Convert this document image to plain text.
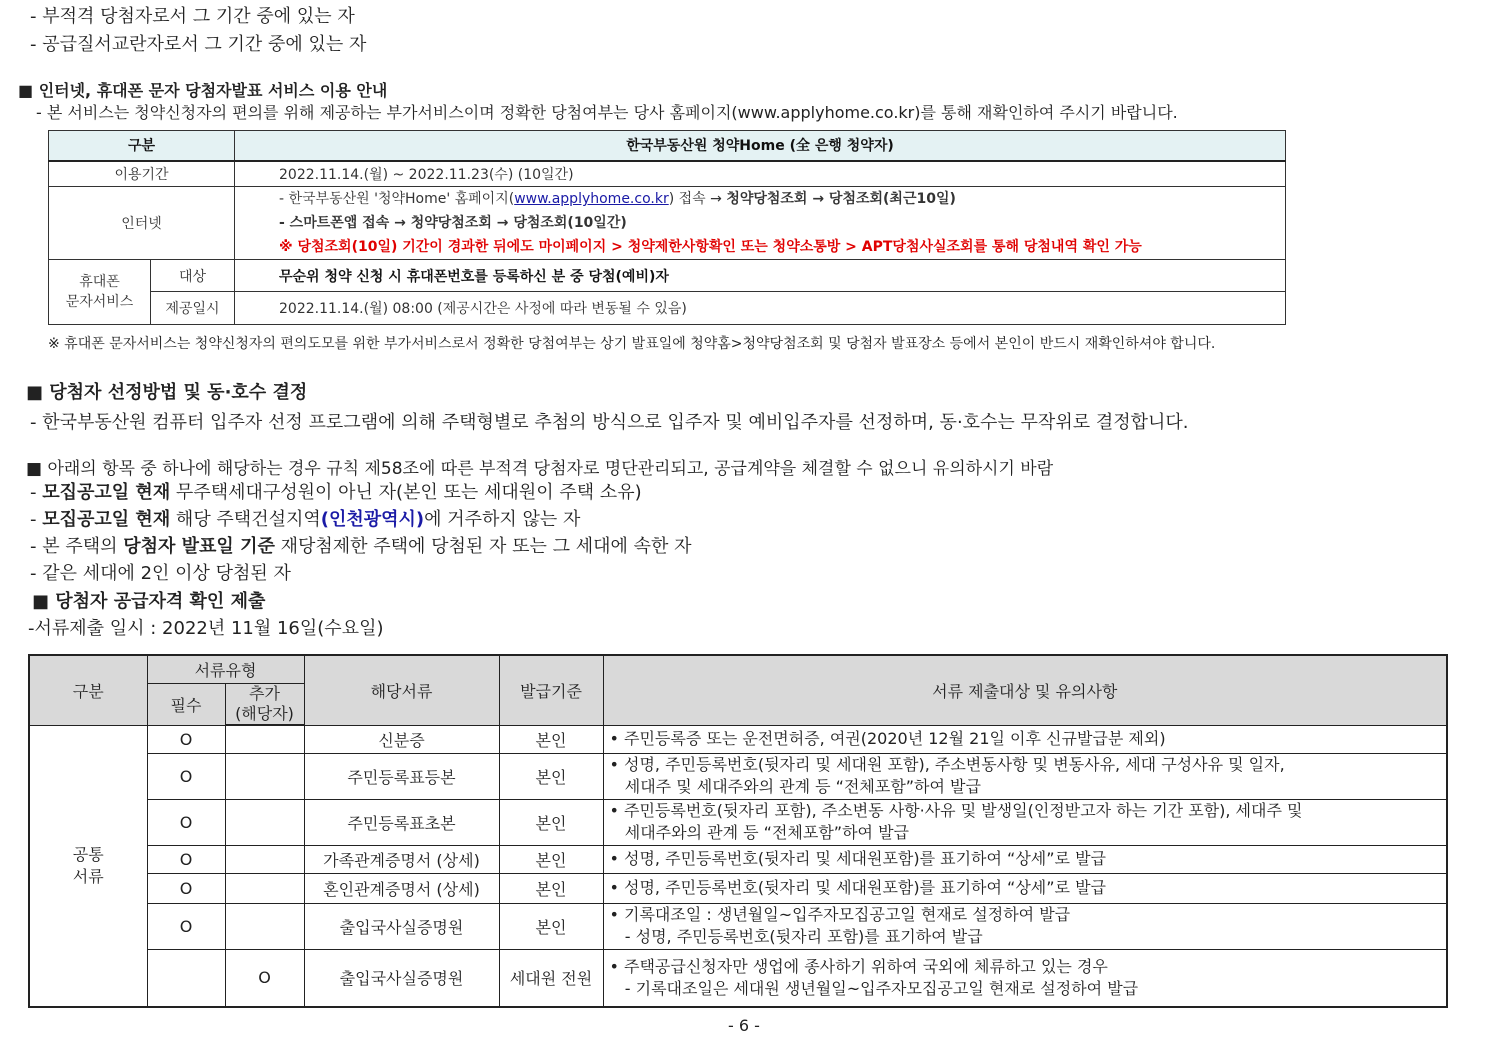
- 부적격 당첨자로서 그 기간 중에 있는 자
- 공급질서교란자로서 그 기간 중에 있는 자
■ 인터넷, 휴대폰 문자 당첨자발표 서비스 이용 안내
- 본 서비스는 청약신청자의 편의를 위해 제공하는 부가서비스이며 정확한 당첨여부는 당사 홈페이지(www.applyhome.co.kr)를 통해 재확인하여 주시기 바랍니다.
구분		한국부동산원 청약Home (全 은행 청약자)
이용기간		2022.11.14.(월) ~ 2022.11.23(수) (10일간)
인터넷		- 한국부동산원 '청약Home' 홈페이지(www.applyhome.co.kr) 접속 → 청약당첨조회 → 당첨조회(최근10일)
- 스마트폰앱 접속 → 청약당첨조회 → 당첨조회(10일간)
※ 당첨조회(10일) 기간이 경과한 뒤에도 마이페이지 > 청약제한사항확인 또는 청약소통방 > APT당첨사실조회를 통해 당첨내역 확인 가능

휴대폰
문자서비스	대상	무순위 청약 신청 시 휴대폰번호를 등록하신 분 중 당첨(예비)자
	제공일시	2022.11.14.(월) 08:00 (제공시간은 사정에 따라 변동될 수 있음)
※ 휴대폰 문자서비스는 청약신청자의 편의도모를 위한 부가서비스로서 정확한 당첨여부는 상기 발표일에 청약홈>청약당첨조회 및 당첨자 발표장소 등에서 본인이 반드시 재확인하셔야 합니다.
■ 당첨자 선정방법 및 동·호수 결정
- 한국부동산원 컴퓨터 입주자 선정 프로그램에 의해 주택형별로 추첨의 방식으로 입주자 및 예비입주자를 선정하며, 동·호수는 무작위로 결정합니다.
■ 아래의 항목 중 하나에 해당하는 경우 규칙 제58조에 따른 부적격 당첨자로 명단관리되고, 공급계약을 체결할 수 없으니 유의하시기 바람
- 모집공고일 현재 무주택세대구성원이 아닌 자(본인 또는 세대원이 주택 소유)
- 모집공고일 현재 해당 주택건설지역(인천광역시)에 거주하지 않는 자
- 본 주택의 당첨자 발표일 기준 재당첨제한 주택에 당첨된 자 또는 그 세대에 속한 자
- 같은 세대에 2인 이상 당첨된 자
■ 당첨자 공급자격 확인 제출
-서류제출 일시 : 2022년 11월 16일(수요일)
구분	서류유형		해당서류	발급기준	서류 제출대상 및 유의사항
	필수	추가
(해당자)			
공통
서류	O		신분증	본인	• 주민등록증 또는 운전면허증, 여권(2020년 12월 21일 이후 신규발급분 제외)
	O		주민등록표등본	본인	• 성명, 주민등록번호(뒷자리 및 세대원 포함), 주소변동사항 및 변동사유, 세대 구성사유 및 일자,
세대주 및 세대주와의 관계 등 “전체포함”하여 발급
	O		주민등록표초본	본인	• 주민등록번호(뒷자리 포함), 주소변동 사항·사유 및 발생일(인정받고자 하는 기간 포함), 세대주 및
세대주와의 관계 등 “전체포함”하여 발급
	O		가족관계증명서 (상세)	본인	• 성명, 주민등록번호(뒷자리 및 세대원포함)를 표기하여 “상세”로 발급
	O		혼인관계증명서 (상세)	본인	• 성명, 주민등록번호(뒷자리 및 세대원포함)를 표기하여 “상세”로 발급
	O		출입국사실증명원	본인	• 기록대조일 : 생년월일~입주자모집공고일 현재로 설정하여 발급
- 성명, 주민등록번호(뒷자리 포함)를 표기하여 발급
		O	출입국사실증명원	세대원 전원	• 주택공급신청자만 생업에 종사하기 위하여 국외에 체류하고 있는 경우
- 기록대조일은 세대원 생년월일~입주자모집공고일 현재로 설정하여 발급
- 6 -
